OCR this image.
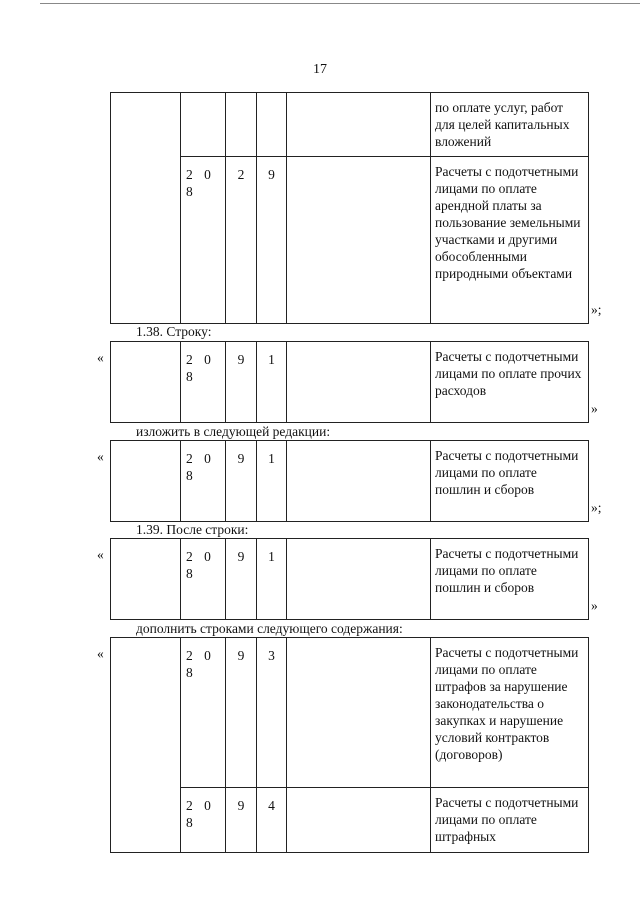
17
					по оплате услуг, работ для целей капитальных вложений
	2 0 8	2	9		Расчеты с подотчетными лицами по оплате арендной платы за пользование земельными участками и другими обособленными природными объектами
»;
1.38. Строку:
«
		2 0 8	9	1		Расчеты с подотчетными лицами по оплате прочих расходов
»
изложить в следующей редакции:
«
		2 0 8	9	1		Расчеты с подотчетными лицами по оплате пошлин и сборов
»;
1.39. После строки:
«
		2 0 8	9	1		Расчеты с подотчетными лицами по оплате пошлин и сборов
»
дополнить строками следующего содержания:
«
		2 0 8	9	3		Расчеты с подотчетными лицами по оплате штрафов за нарушение законодательства о закупках и нарушение условий контрактов (договоров)
	2 0 8	9	4		Расчеты с подотчетными лицами по оплате штрафных
